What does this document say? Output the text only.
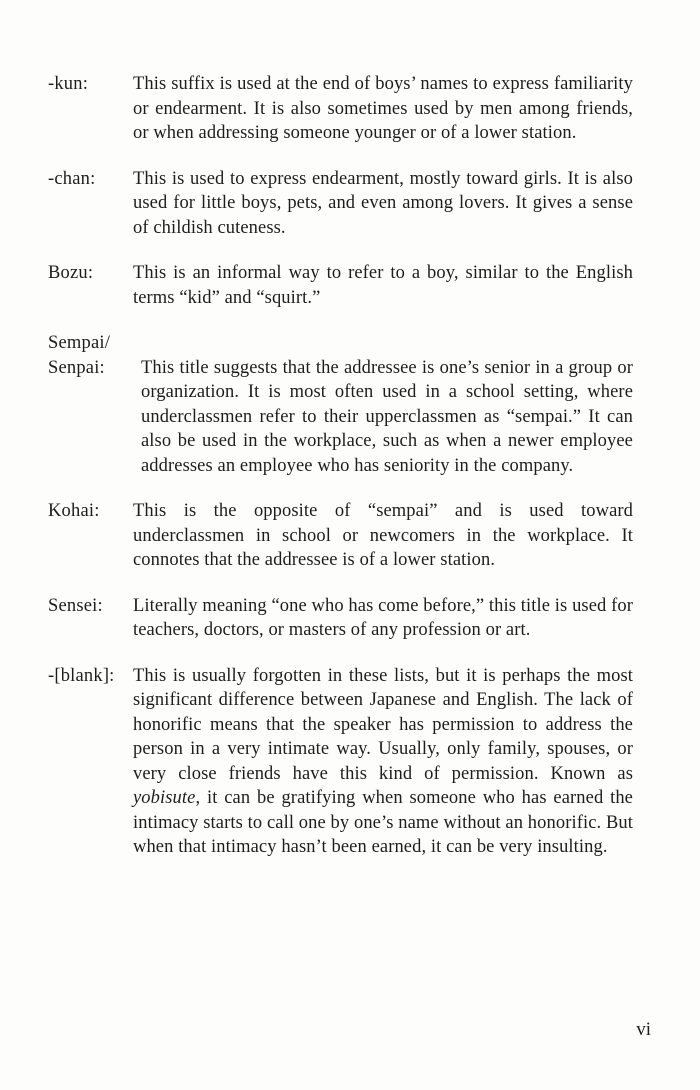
-kun:	This suffix is used at the end of boys’ names to express familiarity or endearment. It is also sometimes used by men among friends, or when addressing someone younger or of a lower station.
-chan:	This is used to express endearment, mostly toward girls. It is also used for little boys, pets, and even among lovers. It gives a sense of childish cuteness.
Bozu:	This is an informal way to refer to a boy, similar to the English terms “kid” and “squirt.”
Sempai/
Senpai:	This title suggests that the addressee is one’s senior in a group or organization. It is most often used in a school setting, where underclassmen refer to their upperclassmen as “sempai.” It can also be used in the workplace, such as when a newer employee addresses an employee who has seniority in the company.
Kohai:	This is the opposite of “sempai” and is used toward underclassmen in school or newcomers in the workplace. It connotes that the addressee is of a lower station.
Sensei:	Literally meaning “one who has come before,” this title is used for teachers, doctors, or masters of any profession or art.
-[blank]: This is usually forgotten in these lists, but it is perhaps the most significant difference between Japanese and English. The lack of honorific means that the speaker has permission to address the person in a very intimate way. Usually, only family, spouses, or very close friends have this kind of permission. Known as yobisute, it can be gratifying when someone who has earned the intimacy starts to call one by one’s name without an honorific. But when that intimacy hasn’t been earned, it can be very insulting.
vi
